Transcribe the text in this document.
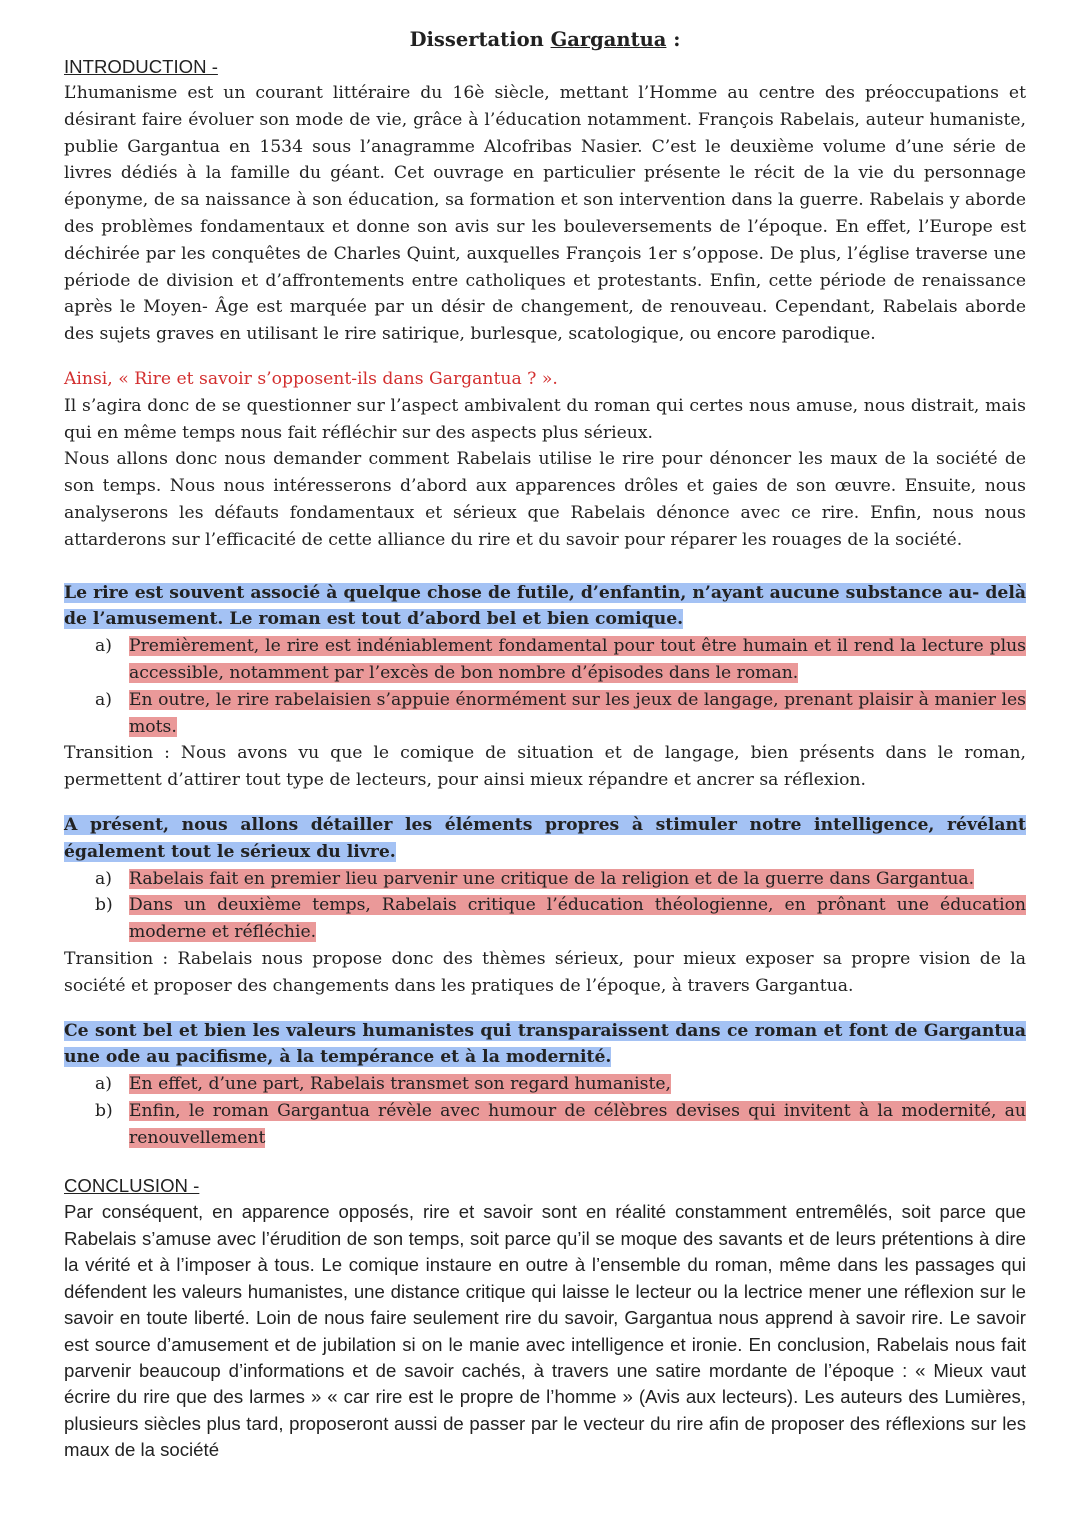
Dissertation Gargantua :
INTRODUCTION -

L’humanisme est un courant littéraire du 16è siècle, mettant l’Homme au centre des préoccupations et désirant faire évoluer son mode de vie, grâce à l’éducation notamment. François Rabelais, auteur humaniste, publie Gargantua en 1534 sous l’anagramme Alcofribas Nasier. C’est le deuxième volume d’une série de livres dédiés à la famille du géant. Cet ouvrage en particulier présente le récit de la vie du personnage éponyme, de sa naissance à son éducation, sa formation et son intervention dans la guerre. Rabelais y aborde des problèmes fondamentaux et donne son avis sur les bouleversements de l’époque. En effet, l’Europe est déchirée par les conquêtes de Charles Quint, auxquelles François 1er s’oppose. De plus, l’église traverse une période de division et d’affrontements entre catholiques et protestants. Enfin, cette période de renaissance après le Moyen- Âge est marquée par un désir de changement, de renouveau. Cependant, Rabelais aborde des sujets graves en utilisant le rire satirique, burlesque, scatologique, ou encore parodique.

Ainsi, « Rire et savoir s’opposent-ils dans Gargantua ? ».

Il s’agira donc de se questionner sur l’aspect ambivalent du roman qui certes nous amuse, nous distrait, mais qui en même temps nous fait réfléchir sur des aspects plus sérieux.

Nous allons donc nous demander comment Rabelais utilise le rire pour dénoncer les maux de la société de son temps. Nous nous intéresserons d’abord aux apparences drôles et gaies de son œuvre. Ensuite, nous analyserons les défauts fondamentaux et sérieux que Rabelais dénonce avec ce rire. Enfin, nous nous attarderons sur l’efficacité de cette alliance du rire et du savoir pour réparer les rouages de la société.

Le rire est souvent associé à quelque chose de futile, d’enfantin, n’ayant aucune substance au- delà de l’amusement. Le roman est tout d’abord bel et bien comique.
a) Premièrement, le rire est indéniablement fondamental pour tout être humain et il rend la lecture plus accessible, notamment par l’excès de bon nombre d’épisodes dans le roman.
a) En outre, le rire rabelaisien s’appuie énormément sur les jeux de langage, prenant plaisir à manier les mots.

Transition : Nous avons vu que le comique de situation et de langage, bien présents dans le roman, permettent d’attirer tout type de lecteurs, pour ainsi mieux répandre et ancrer sa réflexion.

A présent, nous allons détailler les éléments propres à stimuler notre intelligence, révélant également tout le sérieux du livre.
a) Rabelais fait en premier lieu parvenir une critique de la religion et de la guerre dans Gargantua.
b) Dans un deuxième temps, Rabelais critique l’éducation théologienne, en prônant une éducation moderne et réfléchie.

Transition : Rabelais nous propose donc des thèmes sérieux, pour mieux exposer sa propre vision de la société et proposer des changements dans les pratiques de l’époque, à travers Gargantua.

Ce sont bel et bien les valeurs humanistes qui transparaissent dans ce roman et font de Gargantua une ode au pacifisme, à la tempérance et à la modernité.
a) En effet, d’une part, Rabelais transmet son regard humaniste,
b) Enfin, le roman Gargantua révèle avec humour de célèbres devises qui invitent à la modernité, au renouvellement
CONCLUSION -

Par conséquent, en apparence opposés, rire et savoir sont en réalité constamment entremêlés, soit parce que Rabelais s’amuse avec l’érudition de son temps, soit parce qu’il se moque des savants et de leurs prétentions à dire la vérité et à l’imposer à tous. Le comique instaure en outre à l’ensemble du roman, même dans les passages qui défendent les valeurs humanistes, une distance critique qui laisse le lecteur ou la lectrice mener une réflexion sur le savoir en toute liberté. Loin de nous faire seulement rire du savoir, Gargantua nous apprend à savoir rire. Le savoir est source d’amusement et de jubilation si on le manie avec intelligence et ironie. En conclusion, Rabelais nous fait parvenir beaucoup d’informations et de savoir cachés, à travers une satire mordante de l’époque : « Mieux vaut écrire du rire que des larmes » « car rire est le propre de l’homme » (Avis aux lecteurs). Les auteurs des Lumières, plusieurs siècles plus tard, proposeront aussi de passer par le vecteur du rire afin de proposer des réflexions sur les maux de la société
